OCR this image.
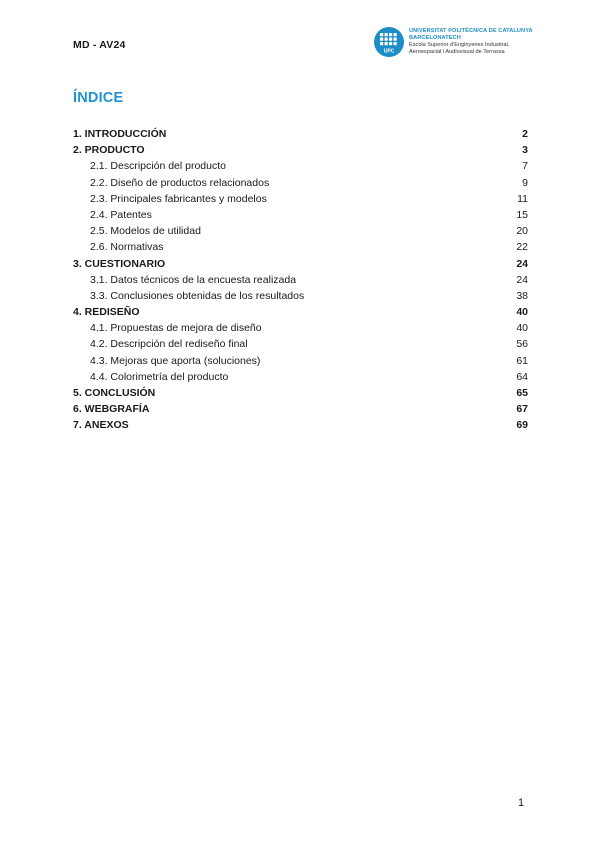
MD - AV24
UPC
UNIVERSITAT POLITÈCNICA DE CATALUNYA
BARCELONATECH
Escola Superior d'Enginyeries Industrial,
Aeroespacial i Audiovisual de Terrassa
ÍNDICE
1. INTRODUCCIÓN	2
2. PRODUCTO	3
2.1. Descripción del producto	7
2.2. Diseño de productos relacionados	9
2.3. Principales fabricantes y modelos	11
2.4. Patentes	15
2.5. Modelos de utilidad	20
2.6. Normativas	22
3. CUESTIONARIO	24
3.1. Datos técnicos de la encuesta realizada	24
3.3. Conclusiones obtenidas de los resultados	38
4. REDISEÑO	40
4.1. Propuestas de mejora de diseño	40
4.2. Descripción del rediseño final	56
4.3. Mejoras que aporta (soluciones)	61
4.4. Colorimetría del producto	64
5. CONCLUSIÓN	65
6. WEBGRAFÍA	67
7. ANEXOS	69
1
